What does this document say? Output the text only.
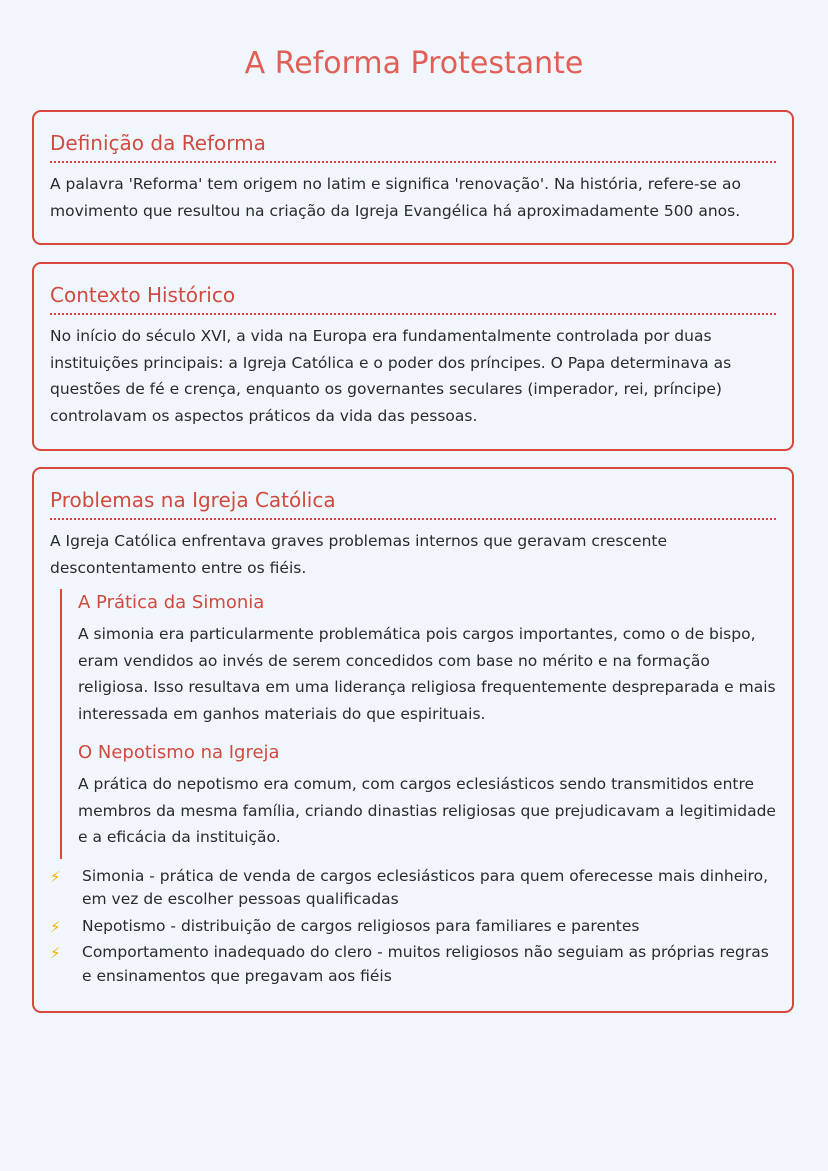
A Reforma Protestante
Definição da Reforma

A palavra 'Reforma' tem origem no latim e significa 'renovação'. Na história, refere-se ao movimento que resultou na criação da Igreja Evangélica há aproximadamente 500 anos.

Contexto Histórico

No início do século XVI, a vida na Europa era fundamentalmente controlada por duas instituições principais: a Igreja Católica e o poder dos príncipes. O Papa determinava as questões de fé e crença, enquanto os governantes seculares (imperador, rei, príncipe) controlavam os aspectos práticos da vida das pessoas.

Problemas na Igreja Católica

A Igreja Católica enfrentava graves problemas internos que geravam crescente descontentamento entre os fiéis.

A Prática da Simonia

A simonia era particularmente problemática pois cargos importantes, como o de bispo, eram vendidos ao invés de serem concedidos com base no mérito e na formação religiosa. Isso resultava em uma liderança religiosa frequentemente despreparada e mais interessada em ganhos materiais do que espirituais.

O Nepotismo na Igreja

A prática do nepotismo era comum, com cargos eclesiásticos sendo transmitidos entre membros da mesma família, criando dinastias religiosas que prejudicavam a legitimidade e a eficácia da instituição.

⚡ Simonia - prática de venda de cargos eclesiásticos para quem oferecesse mais dinheiro, em vez de escolher pessoas qualificadas
⚡ Nepotismo - distribuição de cargos religiosos para familiares e parentes
⚡ Comportamento inadequado do clero - muitos religiosos não seguiam as próprias regras e ensinamentos que pregavam aos fiéis
